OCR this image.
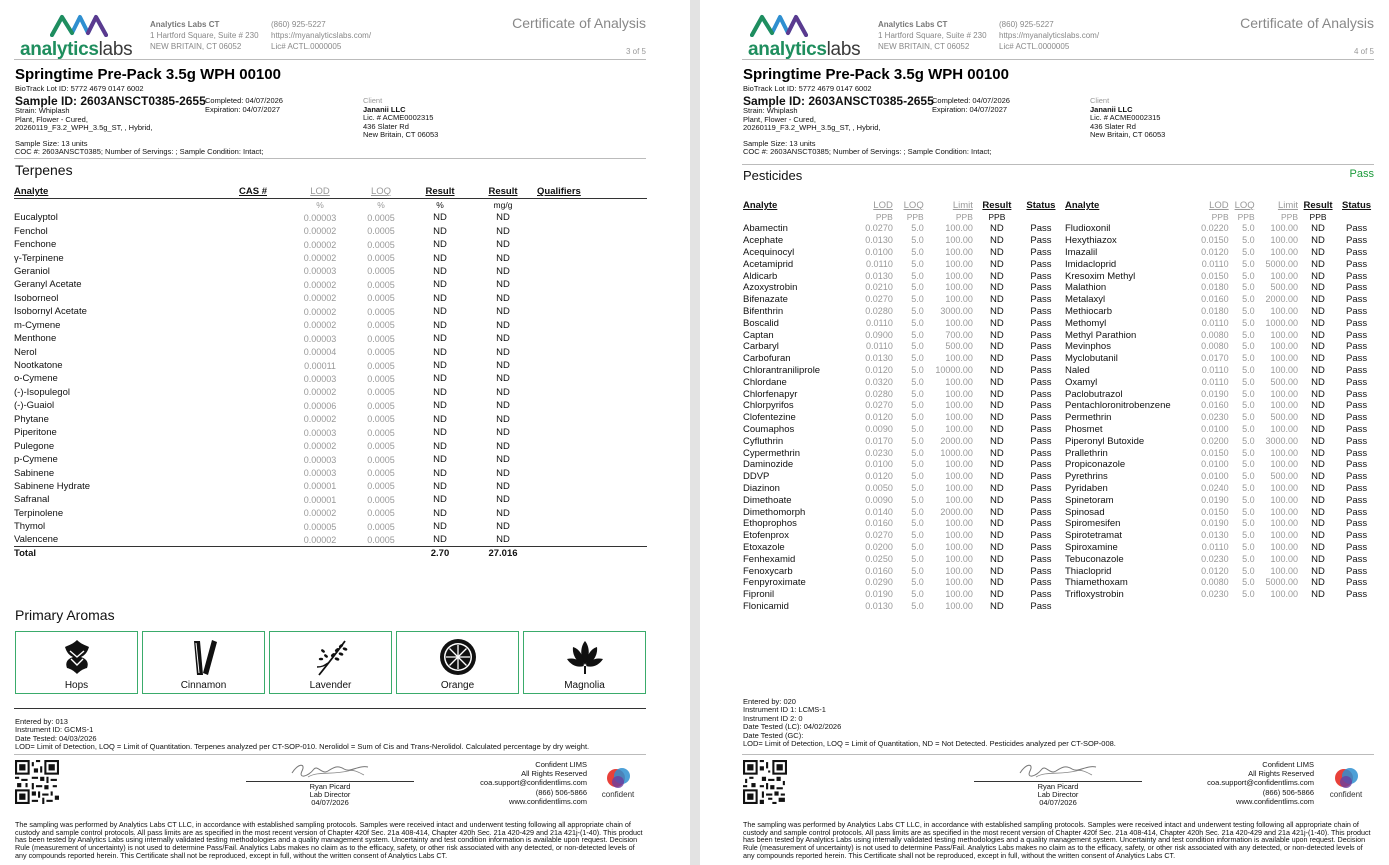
analyticslabs
Analytics Labs CT
1 Hartford Square, Suite # 230
NEW BRITAIN, CT 06052
(860) 925-5227
https://myanalyticslabs.com/
Lic# ACTL.0000005
Certificate of Analysis
3 of 5
Springtime Pre-Pack 3.5g WPH 00100
BioTrack Lot ID: 5772 4679 0147 6002
Sample ID: 2603ANSCT0385-2655
Strain: Whiplash
Plant, Flower - Cured,
20260119_F3.2_WPH_3.5g_ST, , Hybrid,
Completed: 04/07/2026
Expiration: 04/07/2027
Client
Jananii LLC
Lic. # ACME0002315
436 Slater Rd
New Britain, CT 06053
Sample Size: 13 units
COC #: 2603ANSCT0385; Number of Servings: ; Sample Condition: Intact;
Terpenes
Analyte	CAS #	LOD	LOQ	Result	Result	Qualifiers
		%	%	%	mg/g	
Eucalyptol		0.00003	0.0005	ND	ND	
Fenchol		0.00002	0.0005	ND	ND	
Fenchone		0.00002	0.0005	ND	ND	
γ-Terpinene		0.00002	0.0005	ND	ND	
Geraniol		0.00003	0.0005	ND	ND	
Geranyl Acetate		0.00002	0.0005	ND	ND	
Isoborneol		0.00002	0.0005	ND	ND	
Isobornyl Acetate		0.00002	0.0005	ND	ND	
m-Cymene		0.00002	0.0005	ND	ND	
Menthone		0.00003	0.0005	ND	ND	
Nerol		0.00004	0.0005	ND	ND	
Nootkatone		0.00011	0.0005	ND	ND	
o-Cymene		0.00003	0.0005	ND	ND	
(-)-Isopulegol		0.00002	0.0005	ND	ND	
(-)-Guaiol		0.00006	0.0005	ND	ND	
Phytane		0.00002	0.0005	ND	ND	
Piperitone		0.00003	0.0005	ND	ND	
Pulegone		0.00002	0.0005	ND	ND	
p-Cymene		0.00003	0.0005	ND	ND	
Sabinene		0.00003	0.0005	ND	ND	
Sabinene Hydrate		0.00001	0.0005	ND	ND	
Safranal		0.00001	0.0005	ND	ND	
Terpinolene		0.00002	0.0005	ND	ND	
Thymol		0.00005	0.0005	ND	ND	
Valencene		0.00002	0.0005	ND	ND	
Total				2.70	27.016	
Primary Aromas
Hops	Cinnamon	Lavender	Orange	Magnolia
Entered by: 013
Instrument ID: GCMS-1
Date Tested: 04/03/2026
LOD= Limit of Detection, LOQ = Limit of Quantitation. Terpenes analyzed per CT-SOP-010. Nerolidol = Sum of Cis and Trans-Nerolidol. Calculated percentage by dry weight.
Ryan Picard
Lab Director
04/07/2026
Confident LIMS
All Rights Reserved
coa.support@confidentlims.com
(866) 506-5866
www.confidentlims.com
confident
The sampling was performed by Analytics Labs CT LLC, in accordance with established sampling protocols. Samples were received intact and underwent testing following all appropriate chain of custody and sample control protocols. All pass limits are as specified in the most recent version of Chapter 420f Sec. 21a 408-414, Chapter 420h Sec. 21a 420-429 and 21a 421j-(1-40). This product has been tested by Analytics Labs using internally validated testing methodologies and a quality management system. Uncertainty and test condition information is available upon request. Decision Rule (measurement of uncertainty) is not used to determine Pass/Fail. Analytics Labs makes no claim as to the efficacy, safety, or other risk associated with any detected, or non-detected levels of any compounds reported herein. This Certificate shall not be reproduced, except in full, without the written consent of Analytics Labs CT.
analyticslabs
Analytics Labs CT
1 Hartford Square, Suite # 230
NEW BRITAIN, CT 06052
(860) 925-5227
https://myanalyticslabs.com/
Lic# ACTL.0000005
Certificate of Analysis
4 of 5
Springtime Pre-Pack 3.5g WPH 00100
BioTrack Lot ID: 5772 4679 0147 6002
Sample ID: 2603ANSCT0385-2655
Strain: Whiplash
Plant, Flower - Cured,
20260119_F3.2_WPH_3.5g_ST, , Hybrid,
Completed: 04/07/2026
Expiration: 04/07/2027
Client
Jananii LLC
Lic. # ACME0002315
436 Slater Rd
New Britain, CT 06053
Sample Size: 13 units
COC #: 2603ANSCT0385; Number of Servings: ; Sample Condition: Intact;
Pesticides	Pass
Analyte	LOD	LOQ	Limit	Result	Status
	PPB	PPB	PPB	PPB	
Abamectin	0.0270	5.0	100.00	ND	Pass
Acephate	0.0130	5.0	100.00	ND	Pass
Acequinocyl	0.0100	5.0	100.00	ND	Pass
Acetamiprid	0.0110	5.0	100.00	ND	Pass
Aldicarb	0.0130	5.0	100.00	ND	Pass
Azoxystrobin	0.0210	5.0	100.00	ND	Pass
Bifenazate	0.0270	5.0	100.00	ND	Pass
Bifenthrin	0.0280	5.0	3000.00	ND	Pass
Boscalid	0.0110	5.0	100.00	ND	Pass
Captan	0.0900	5.0	700.00	ND	Pass
Carbaryl	0.0110	5.0	500.00	ND	Pass
Carbofuran	0.0130	5.0	100.00	ND	Pass
Chlorantraniliprole	0.0120	5.0	10000.00	ND	Pass
Chlordane	0.0320	5.0	100.00	ND	Pass
Chlorfenapyr	0.0280	5.0	100.00	ND	Pass
Chlorpyrifos	0.0270	5.0	100.00	ND	Pass
Clofentezine	0.0120	5.0	100.00	ND	Pass
Coumaphos	0.0090	5.0	100.00	ND	Pass
Cyfluthrin	0.0170	5.0	2000.00	ND	Pass
Cypermethrin	0.0230	5.0	1000.00	ND	Pass
Daminozide	0.0100	5.0	100.00	ND	Pass
DDVP	0.0120	5.0	100.00	ND	Pass
Diazinon	0.0050	5.0	100.00	ND	Pass
Dimethoate	0.0090	5.0	100.00	ND	Pass
Dimethomorph	0.0140	5.0	2000.00	ND	Pass
Ethoprophos	0.0160	5.0	100.00	ND	Pass
Etofenprox	0.0270	5.0	100.00	ND	Pass
Etoxazole	0.0200	5.0	100.00	ND	Pass
Fenhexamid	0.0250	5.0	100.00	ND	Pass
Fenoxycarb	0.0160	5.0	100.00	ND	Pass
Fenpyroximate	0.0290	5.0	100.00	ND	Pass
Fipronil	0.0190	5.0	100.00	ND	Pass
Flonicamid	0.0130	5.0	100.00	ND	Pass
Analyte	LOD	LOQ	Limit	Result	Status
	PPB	PPB	PPB	PPB	
Fludioxonil	0.0220	5.0	100.00	ND	Pass
Hexythiazox	0.0150	5.0	100.00	ND	Pass
Imazalil	0.0120	5.0	100.00	ND	Pass
Imidacloprid	0.0110	5.0	5000.00	ND	Pass
Kresoxim Methyl	0.0150	5.0	100.00	ND	Pass
Malathion	0.0180	5.0	500.00	ND	Pass
Metalaxyl	0.0160	5.0	2000.00	ND	Pass
Methiocarb	0.0180	5.0	100.00	ND	Pass
Methomyl	0.0110	5.0	1000.00	ND	Pass
Methyl Parathion	0.0080	5.0	100.00	ND	Pass
Mevinphos	0.0080	5.0	100.00	ND	Pass
Myclobutanil	0.0170	5.0	100.00	ND	Pass
Naled	0.0110	5.0	100.00	ND	Pass
Oxamyl	0.0110	5.0	500.00	ND	Pass
Paclobutrazol	0.0190	5.0	100.00	ND	Pass
Pentachloronitrobenzene	0.0160	5.0	100.00	ND	Pass
Permethrin	0.0230	5.0	500.00	ND	Pass
Phosmet	0.0100	5.0	100.00	ND	Pass
Piperonyl Butoxide	0.0200	5.0	3000.00	ND	Pass
Prallethrin	0.0150	5.0	100.00	ND	Pass
Propiconazole	0.0100	5.0	100.00	ND	Pass
Pyrethrins	0.0100	5.0	500.00	ND	Pass
Pyridaben	0.0240	5.0	100.00	ND	Pass
Spinetoram	0.0190	5.0	100.00	ND	Pass
Spinosad	0.0150	5.0	100.00	ND	Pass
Spiromesifen	0.0190	5.0	100.00	ND	Pass
Spirotetramat	0.0130	5.0	100.00	ND	Pass
Spiroxamine	0.0110	5.0	100.00	ND	Pass
Tebuconazole	0.0230	5.0	100.00	ND	Pass
Thiacloprid	0.0120	5.0	100.00	ND	Pass
Thiamethoxam	0.0080	5.0	5000.00	ND	Pass
Trifloxystrobin	0.0230	5.0	100.00	ND	Pass
Entered by: 020
Instrument ID 1: LCMS-1
Instrument ID 2: 0
Date Tested (LC): 04/02/2026
Date Tested (GC):
LOD= Limit of Detection, LOQ = Limit of Quantitation, ND = Not Detected. Pesticides analyzed per CT-SOP-008.
Ryan Picard
Lab Director
04/07/2026
Confident LIMS
All Rights Reserved
coa.support@confidentlims.com
(866) 506-5866
www.confidentlims.com
confident
The sampling was performed by Analytics Labs CT LLC, in accordance with established sampling protocols. Samples were received intact and underwent testing following all appropriate chain of custody and sample control protocols. All pass limits are as specified in the most recent version of Chapter 420f Sec. 21a 408-414, Chapter 420h Sec. 21a 420-429 and 21a 421j-(1-40). This product has been tested by Analytics Labs using internally validated testing methodologies and a quality management system. Uncertainty and test condition information is available upon request. Decision Rule (measurement of uncertainty) is not used to determine Pass/Fail. Analytics Labs makes no claim as to the efficacy, safety, or other risk associated with any detected, or non-detected levels of any compounds reported herein. This Certificate shall not be reproduced, except in full, without the written consent of Analytics Labs CT.
